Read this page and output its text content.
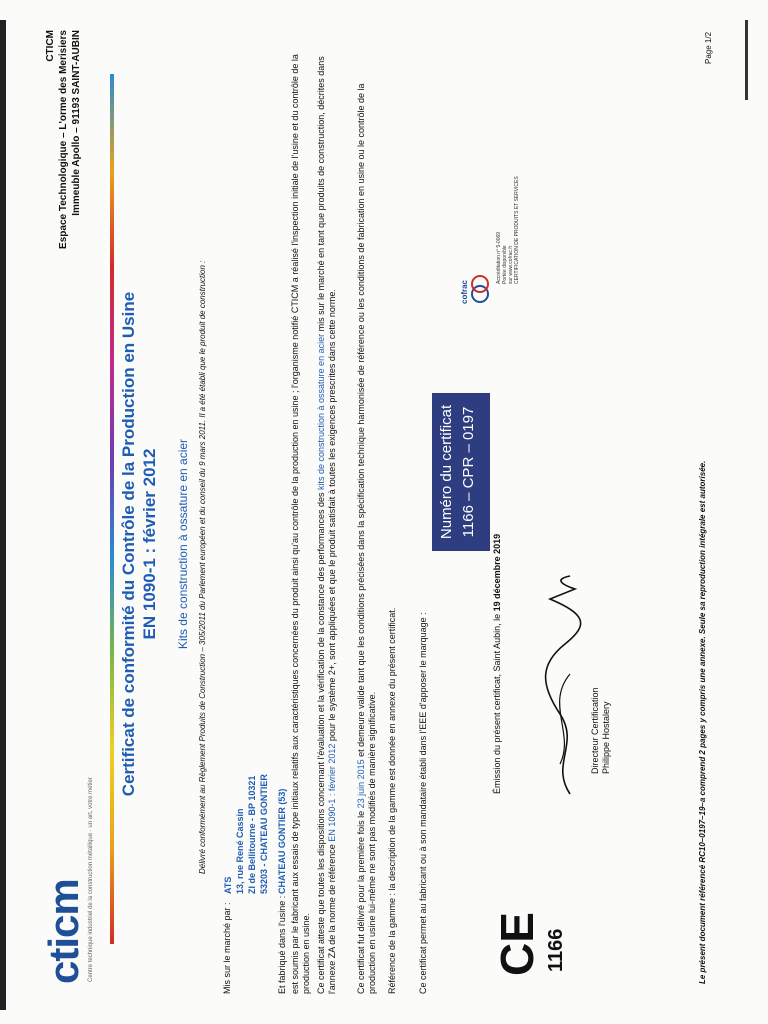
cticm Centre technique industriel de la construction métallique · un art, votre métier
CTICM Espace Technologique – L'orme des Merisiers Immeuble Apollo – 91193 SAINT-AUBIN
Certificat de conformité du Contrôle de la Production en Usine EN 1090-1 : février 2012 Kits de construction à ossature en acier Délivré conformément au Règlement Produits de Construction – 305/2011 du Parlement européen et du conseil du 9 mars 2011. Il a été établi que le produit de construction :
Mis sur le marché par :
ATS 13, rue René Cassin ZI de Bellitourne - BP 10321 53203 - CHATEAU GONTIER
Et fabriqué dans l'usine :
CHATEAU GONTIER (53) est soumis par le fabricant aux essais de type initiaux relatifs aux caractéristiques concernées du produit ainsi qu'au contrôle de la production en usine ; l'organisme notifié CTICM a réalisé l'inspection initiale de l'usine et du contrôle de la production en usine. Ce certificat atteste que toutes les dispositions concernant l'évaluation et la vérification de la constance des performances des kits de construction à ossature en acier mis sur le marché en tant que produits de construction, décrites dans l'annexe ZA de la norme de référence EN 1090-1 : février 2012 pour le système 2+, sont appliquées et que le produit satisfait à toutes les exigences prescrites dans cette norme.
Ce certificat fut délivré pour la première fois le 23 juin 2015 et demeure valide tant que les conditions précisées dans la spécification technique harmonisée de référence ou les conditions de fabrication en usine ou le contrôle de la production en usine lui-même ne sont pas modifiés de manière significative. Référence de la gamme : la description de la gamme est donnée en annexe du présent certificat. Ce certificat permet au fabricant ou à son mandataire établi dans l'EEE d'apposer le marquage :
Numéro du certificat 1166 – CPR – 0197
CE 1166
Émission du présent certificat, Saint Aubin, le 19 décembre 2019
Directeur Certification Philippe Hostalery
cofrac
Accréditation n° 5-0069 Portée disponible sur www.cofrac.fr CERTIFICATION DE PRODUITS ET SERVICES
Le présent document référencé RC10–0197–19–a comprend 2 pages y compris une annexe. Seule sa reproduction intégrale est autorisée.
Page 1/2
